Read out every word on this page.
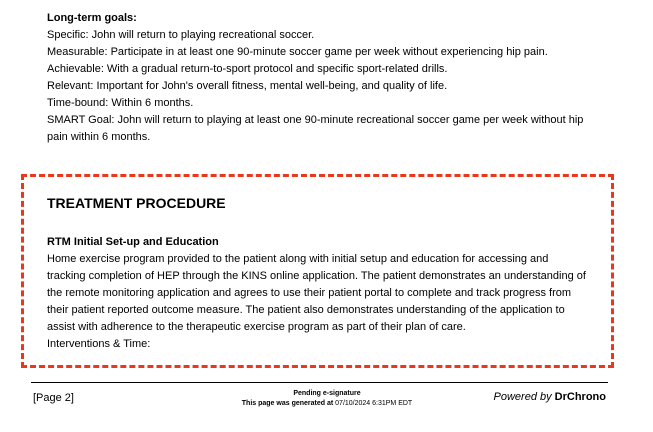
Long-term goals:
Specific: John will return to playing recreational soccer.
Measurable: Participate in at least one 90-minute soccer game per week without experiencing hip pain.
Achievable: With a gradual return-to-sport protocol and specific sport-related drills.
Relevant: Important for John's overall fitness, mental well-being, and quality of life.
Time-bound: Within 6 months.
SMART Goal: John will return to playing at least one 90-minute recreational soccer game per week without hip
pain within 6 months.
TREATMENT PROCEDURE
RTM Initial Set-up and Education
Home exercise program provided to the patient along with initial setup and education for accessing and
tracking completion of HEP through the KINS online application. The patient demonstrates an understanding of
the remote monitoring application and agrees to use their patient portal to complete and track progress from
their patient reported outcome measure. The patient also demonstrates understanding of the application to
assist with adherence to the therapeutic exercise program as part of their plan of care.
Interventions & Time:
[Page 2]	Pending e-signature
This page was generated at 07/10/2024 6:31PM EDT
Powered by DrChrono
